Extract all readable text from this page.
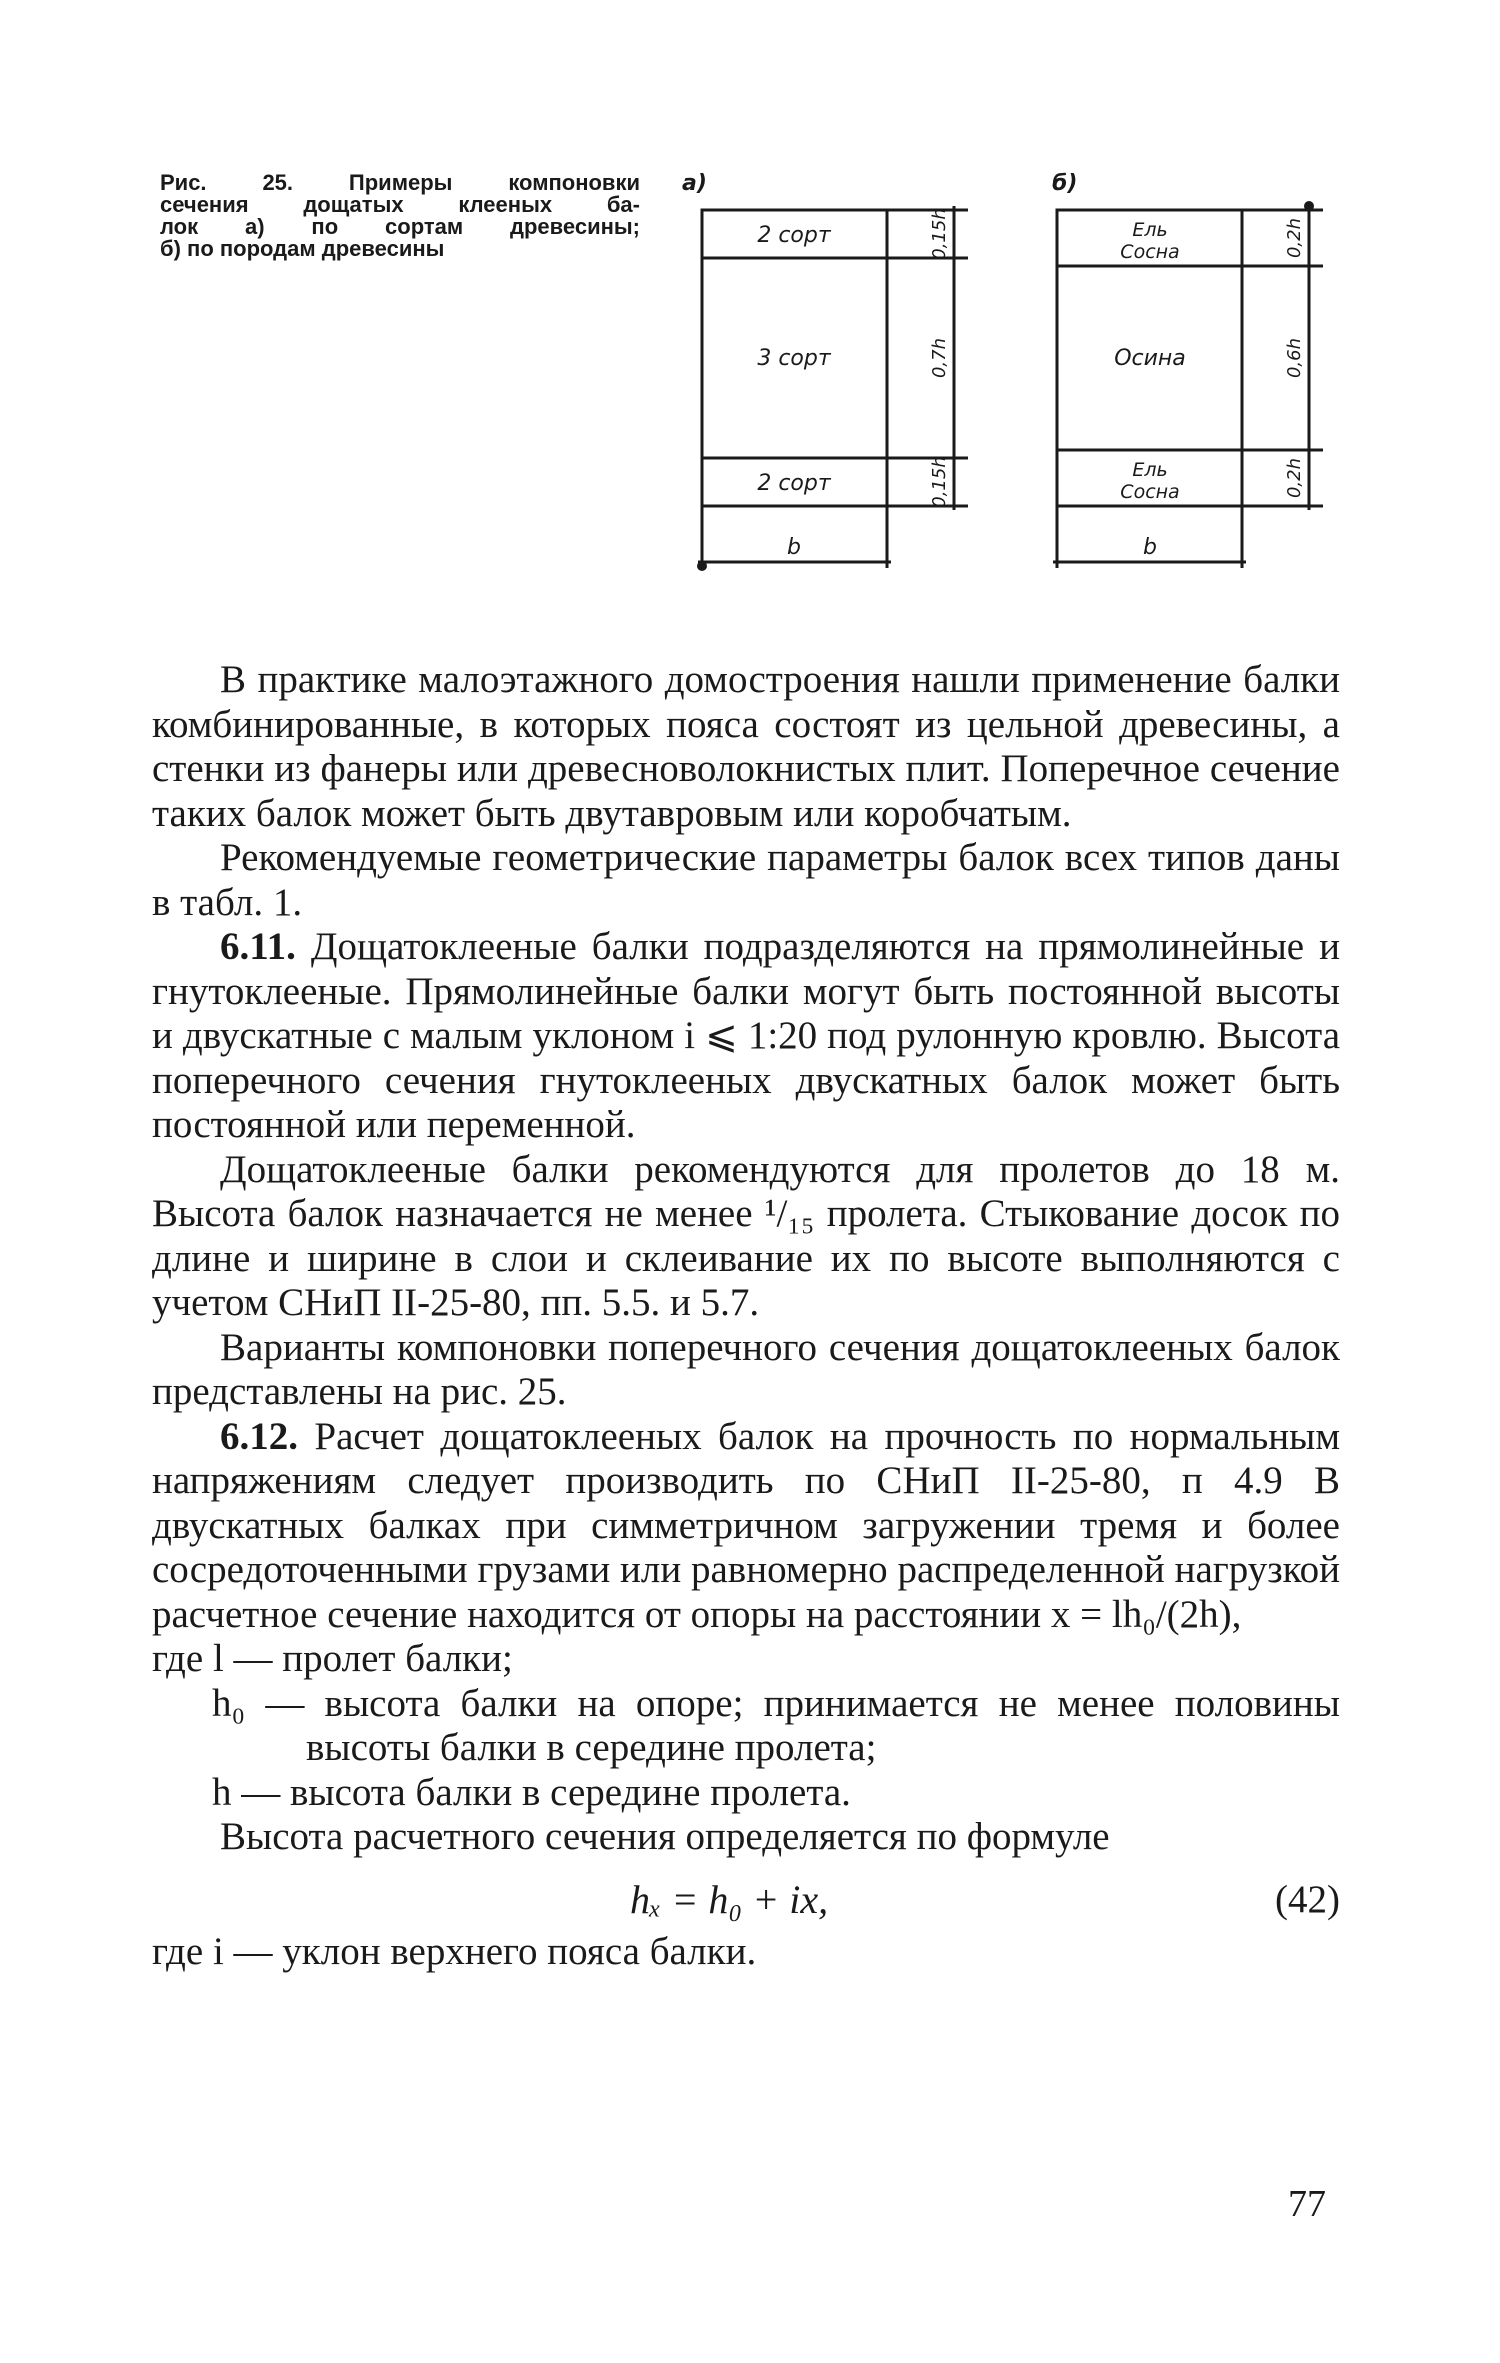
Рис. 25. Примеры компоновки
сечения дощатых клееных ба-
лок а) по сортам древесины;
б) по породам древесины
а)	б)
2 сорт
3 сорт
2 сорт
b
0,15h
0,7h
0,15h
Ель
Сосна
Осина
Ель
Сосна
b
0,2h
0,6h
0,2h

В практике малоэтажного домостроения нашли применение балки комбинированные, в которых пояса состоят из цельной древесины, а стенки из фанеры или древесноволокнистых плит. Поперечное сечение таких балок может быть двутавровым или коробчатым.

Рекомендуемые геометрические параметры балок всех типов даны в табл. 1.

6.11. Дощатоклееные балки подразделяются на прямолинейные и гнутоклееные. Прямолинейные балки могут быть постоянной высоты и двускатные с малым уклоном i ⩽ 1:20 под рулонную кровлю. Высота поперечного сечения гнутоклееных двускатных балок может быть постоянной или переменной.

Дощатоклееные балки рекомендуются для пролетов до 18 м. Высота балок назначается не менее ¹/₁₅ пролета. Стыкование досок по длине и ширине в слои и склеивание их по высоте выполняются с учетом СНиП II-25-80, пп. 5.5. и 5.7.

Варианты компоновки поперечного сечения дощатоклееных балок представлены на рис. 25.

6.12. Расчет дощатоклееных балок на прочность по нормальным напряжениям следует производить по СНиП II-25-80, п 4.9 В двускатных балках при симметричном загружении тремя и более сосредоточенными грузами или равномерно распределенной нагрузкой расчетное сечение находится от опоры на расстоянии x = lh₀/(2h),

где l — пролет балки;

h₀ — высота балки на опоре; принимается не менее половины высоты балки в середине пролета;

h — высота балки в середине пролета.

Высота расчетного сечения определяется по формуле

hₓ = h₀ + ix,	(42)

где i — уклон верхнего пояса балки.

77
